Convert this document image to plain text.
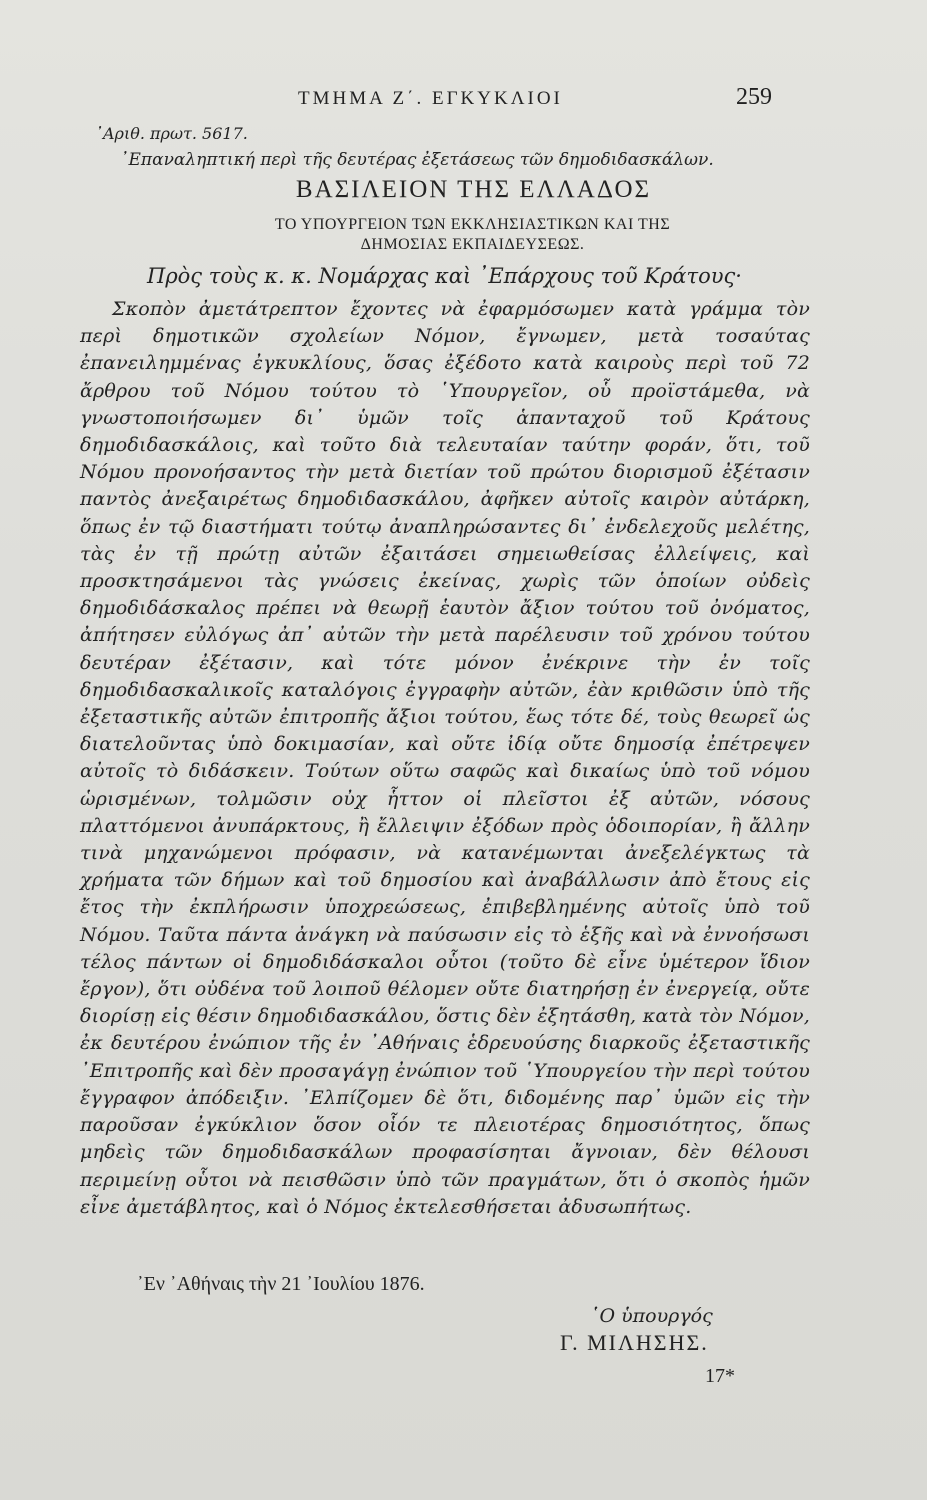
ΤΜΗΜΑ Ζ΄. ΕΓΚΥΚΛΙΟΙ	259
᾿Αριθ. πρωτ. 5617.
᾿Επαναληπτική περὶ τῆς δευτέρας ἐξετάσεως τῶν δημοδιδασκάλων.
ΒΑΣΙΛΕΙΟΝ ΤΗΣ ΕΛΛΑΔΟΣ
ΤΟ ΥΠΟΥΡΓΕΙΟΝ ΤΩΝ ΕΚΚΛΗΣΙΑΣΤΙΚΩΝ ΚΑΙ ΤΗΣ
ΔΗΜΟΣΙΑΣ ΕΚΠΑΙΔΕΥΣΕΩΣ.
Πρὸς τοὺς κ. κ. Νομάρχας καὶ ᾿Επάρχους τοῦ Κράτους·

Σκοπὸν ἀμετάτρεπτον ἔχοντες νὰ ἐφαρμόσωμεν κατὰ γράμμα τὸν περὶ δημοτικῶν σχολείων Νόμον, ἔγνωμεν, μετὰ τοσαύτας ἐπανειλημμένας ἐγκυκλίους, ὅσας ἐξέδοτο κατὰ καιροὺς περὶ τοῦ 72 ἄρθρου τοῦ Νόμου τούτου τὸ ῾Υπουργεῖον, οὗ προϊστάμεθα, νὰ γνωστοποιήσωμεν δι᾿ ὑμῶν τοῖς ἁπανταχοῦ τοῦ Κράτους δημοδιδασκάλοις, καὶ τοῦτο διὰ τελευταίαν ταύτην φοράν, ὅτι, τοῦ Νόμου προνοήσαντος τὴν μετὰ διετίαν τοῦ πρώτου διορισμοῦ ἐξέτασιν παντὸς ἀνεξαιρέτως δημοδιδασκάλου, ἀφῆκεν αὐτοῖς καιρὸν αὐτάρκη, ὅπως ἐν τῷ διαστήματι τούτῳ ἀναπληρώσαντες δι᾿ ἐνδελεχοῦς μελέτης, τὰς ἐν τῇ πρώτῃ αὐτῶν ἐξαιτάσει σημειωθείσας ἐλλείψεις, καὶ προσκτησάμενοι τὰς γνώσεις ἐκείνας, χωρὶς τῶν ὁποίων οὐδεὶς δημοδιδάσκαλος πρέπει νὰ θεωρῇ ἑαυτὸν ἄξιον τούτου τοῦ ὀνόματος, ἀπήτησεν εὐλόγως ἀπ᾿ αὐτῶν τὴν μετὰ παρέλευσιν τοῦ χρόνου τούτου δευτέραν ἐξέτασιν, καὶ τότε μόνον ἐνέκρινε τὴν ἐν τοῖς δημοδιδασκαλικοῖς καταλόγοις ἐγγραφὴν αὐτῶν, ἐὰν κριθῶσιν ὑπὸ τῆς ἐξεταστικῆς αὐτῶν ἐπιτροπῆς ἄξιοι τούτου, ἕως τότε δέ, τοὺς θεωρεῖ ὡς διατελοῦντας ὑπὸ δοκιμασίαν, καὶ οὔτε ἰδίᾳ οὔτε δημοσίᾳ ἐπέτρεψεν αὐτοῖς τὸ διδάσκειν. Τούτων οὕτω σαφῶς καὶ δικαίως ὑπὸ τοῦ νόμου ὡρισμένων, τολμῶσιν οὐχ ἧττον οἱ πλεῖστοι ἐξ αὐτῶν, νόσους πλαττόμενοι ἀνυπάρκτους, ἢ ἔλλειψιν ἐξόδων πρὸς ὁδοιπορίαν, ἢ ἄλλην τινὰ μηχανώμενοι πρόφασιν, νὰ κατανέμωνται ἀνεξελέγκτως τὰ χρήματα τῶν δήμων καὶ τοῦ δημοσίου καὶ ἀναβάλλωσιν ἀπὸ ἔτους εἰς ἔτος τὴν ἐκπλήρωσιν ὑποχρεώσεως, ἐπιβεβλημένης αὐτοῖς ὑπὸ τοῦ Νόμου. Ταῦτα πάντα ἀνάγκη νὰ παύσωσιν εἰς τὸ ἑξῆς καὶ νὰ ἐννοήσωσι τέλος πάντων οἱ δημοδιδάσκαλοι οὗτοι (τοῦτο δὲ εἶνε ὑμέτερον ἴδιον ἔργον), ὅτι οὐδένα τοῦ λοιποῦ θέλομεν οὔτε διατηρήσῃ ἐν ἐνεργείᾳ, οὔτε διορίσῃ εἰς θέσιν δημοδιδασκάλου, ὅστις δὲν ἐξητάσθη, κατὰ τὸν Νόμον, ἐκ δευτέρου ἐνώπιον τῆς ἐν ᾿Αθήναις ἑδρευούσης διαρκοῦς ἐξεταστικῆς ᾿Επιτροπῆς καὶ δὲν προσαγάγῃ ἐνώπιον τοῦ ῾Υπουργείου τὴν περὶ τούτου ἔγγραφον ἀπόδειξιν. ᾿Ελπίζομεν δὲ ὅτι, διδομένης παρ᾿ ὑμῶν εἰς τὴν παροῦσαν ἐγκύκλιον ὅσον οἷόν τε πλειοτέρας δημοσιότητος, ὅπως μηδεὶς τῶν δημοδιδασκάλων προφασίσηται ἄγνοιαν, δὲν θέλουσι περιμείνῃ οὗτοι νὰ πεισθῶσιν ὑπὸ τῶν πραγμάτων, ὅτι ὁ σκοπὸς ἡμῶν εἶνε ἀμετάβλητος, καὶ ὁ Νόμος ἐκτελεσθήσεται ἀδυσωπήτως.

᾿Εν ᾿Αθήναις τὴν 21 ᾿Ιουλίου 1876.
῾Ο ὑπουργός
Γ. ΜΙΛΗΣΗΣ.
17*
